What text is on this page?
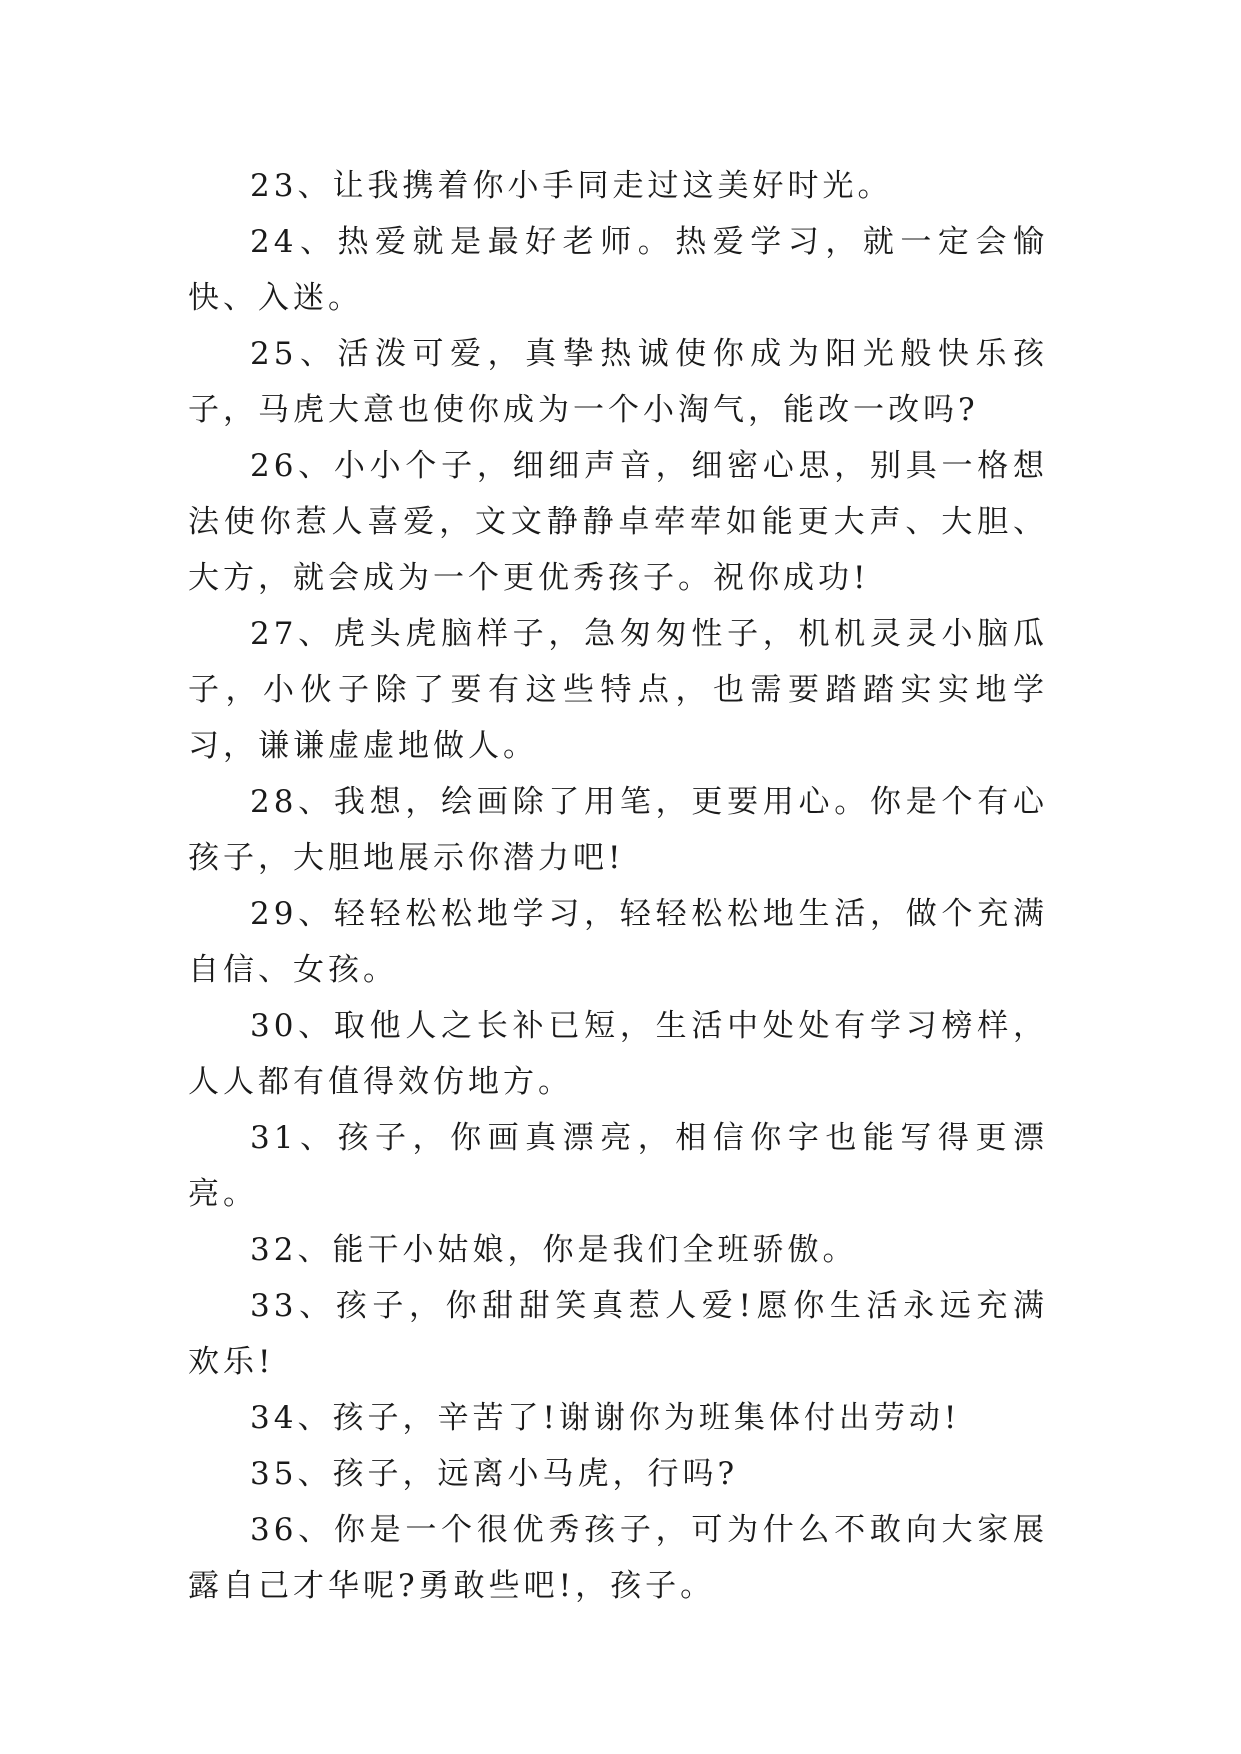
23、让我携着你小手同走过这美好时光。

24、热爱就是最好老师。热爱学习，就一定会愉快、入迷。

25、活泼可爱，真挚热诚使你成为阳光般快乐孩子，马虎大意也使你成为一个小淘气，能改一改吗?

26、小小个子，细细声音，细密心思，别具一格想法使你惹人喜爱，文文静静卓荦荦如能更大声、大胆、大方，就会成为一个更优秀孩子。祝你成功!

27、虎头虎脑样子，急匆匆性子，机机灵灵小脑瓜子，小伙子除了要有这些特点，也需要踏踏实实地学习，谦谦虚虚地做人。

28、我想，绘画除了用笔，更要用心。你是个有心孩子，大胆地展示你潜力吧!

29、轻轻松松地学习，轻轻松松地生活，做个充满自信、女孩。

30、取他人之长补已短，生活中处处有学习榜样，人人都有值得效仿地方。

31、孩子，你画真漂亮，相信你字也能写得更漂亮。

32、能干小姑娘，你是我们全班骄傲。

33、孩子，你甜甜笑真惹人爱!愿你生活永远充满欢乐!

34、孩子，辛苦了!谢谢你为班集体付出劳动!

35、孩子，远离小马虎，行吗?

36、你是一个很优秀孩子，可为什么不敢向大家展露自己才华呢?勇敢些吧!，孩子。
